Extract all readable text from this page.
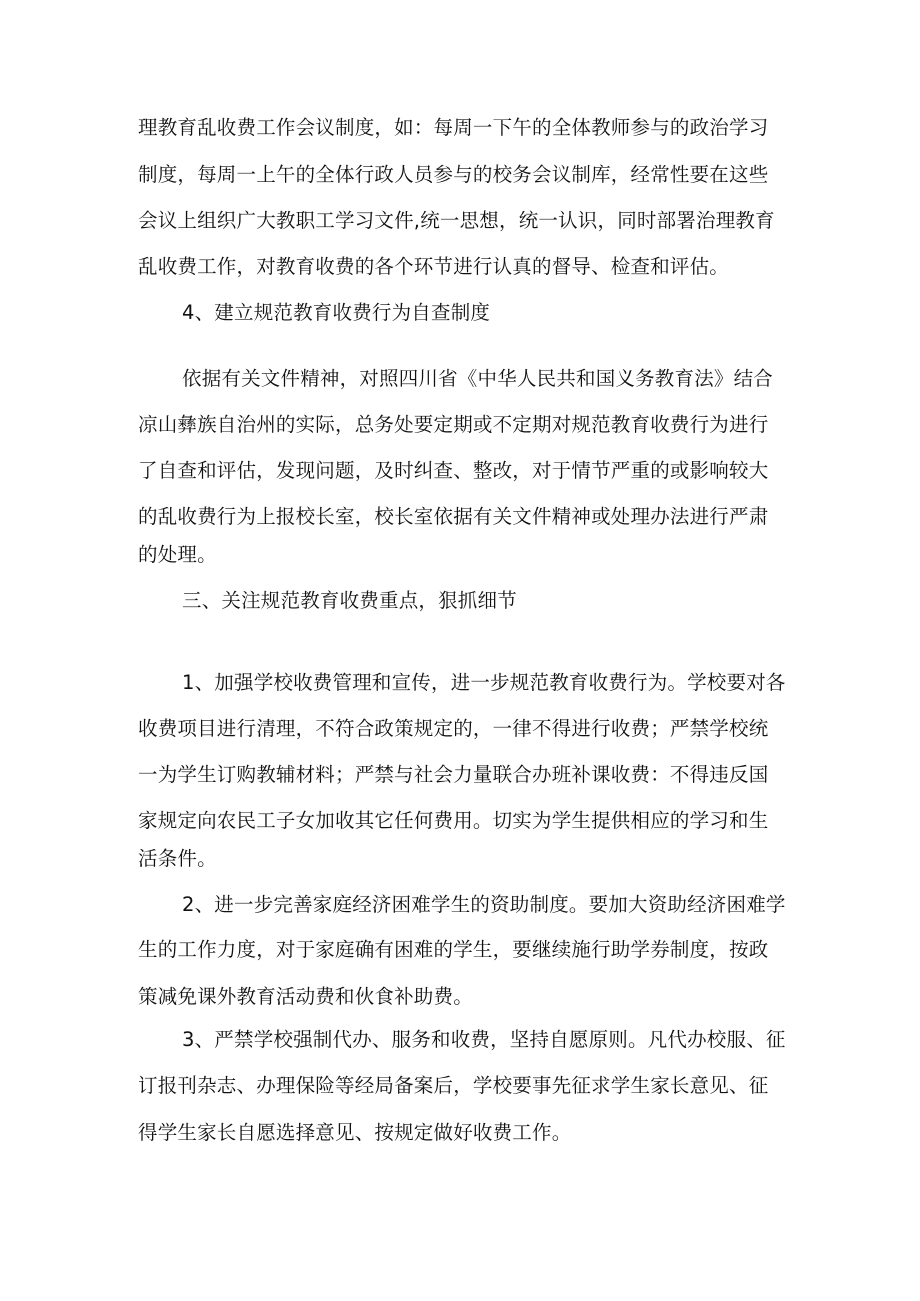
理教育乱收费工作会议制度，如：每周一下午的全体教师参与的政治学习
制度，每周一上午的全体行政人员参与的校务会议制库，经常性要在这些
会议上组织广大教职工学习文件,统一思想，统一认识，同时部署治理教育
乱收费工作，对教育收费的各个环节进行认真的督导、检查和评估。
4、建立规范教育收费行为自查制度
依据有关文件精神，对照四川省《中华人民共和国义务教育法》结合
凉山彝族自治州的实际，总务处要定期或不定期对规范教育收费行为进行
了自查和评估，发现问题，及时纠查、整改，对于情节严重的或影响较大
的乱收费行为上报校长室，校长室依据有关文件精神或处理办法进行严肃
的处理。
三、关注规范教育收费重点，狠抓细节
1、加强学校收费管理和宣传，进一步规范教育收费行为。学校要对各
收费项目进行清理，不符合政策规定的，一律不得进行收费；严禁学校统
一为学生订购教辅材料；严禁与社会力量联合办班补课收费：不得违反国
家规定向农民工子女加收其它任何费用。切实为学生提供相应的学习和生
活条件。
2、进一步完善家庭经济困难学生的资助制度。要加大资助经济困难学
生的工作力度，对于家庭确有困难的学生，要继续施行助学券制度，按政
策减免课外教育活动费和伙食补助费。
3、严禁学校强制代办、服务和收费，坚持自愿原则。凡代办校服、征
订报刊杂志、办理保险等经局备案后，学校要事先征求学生家长意见、征
得学生家长自愿选择意见、按规定做好收费工作。
